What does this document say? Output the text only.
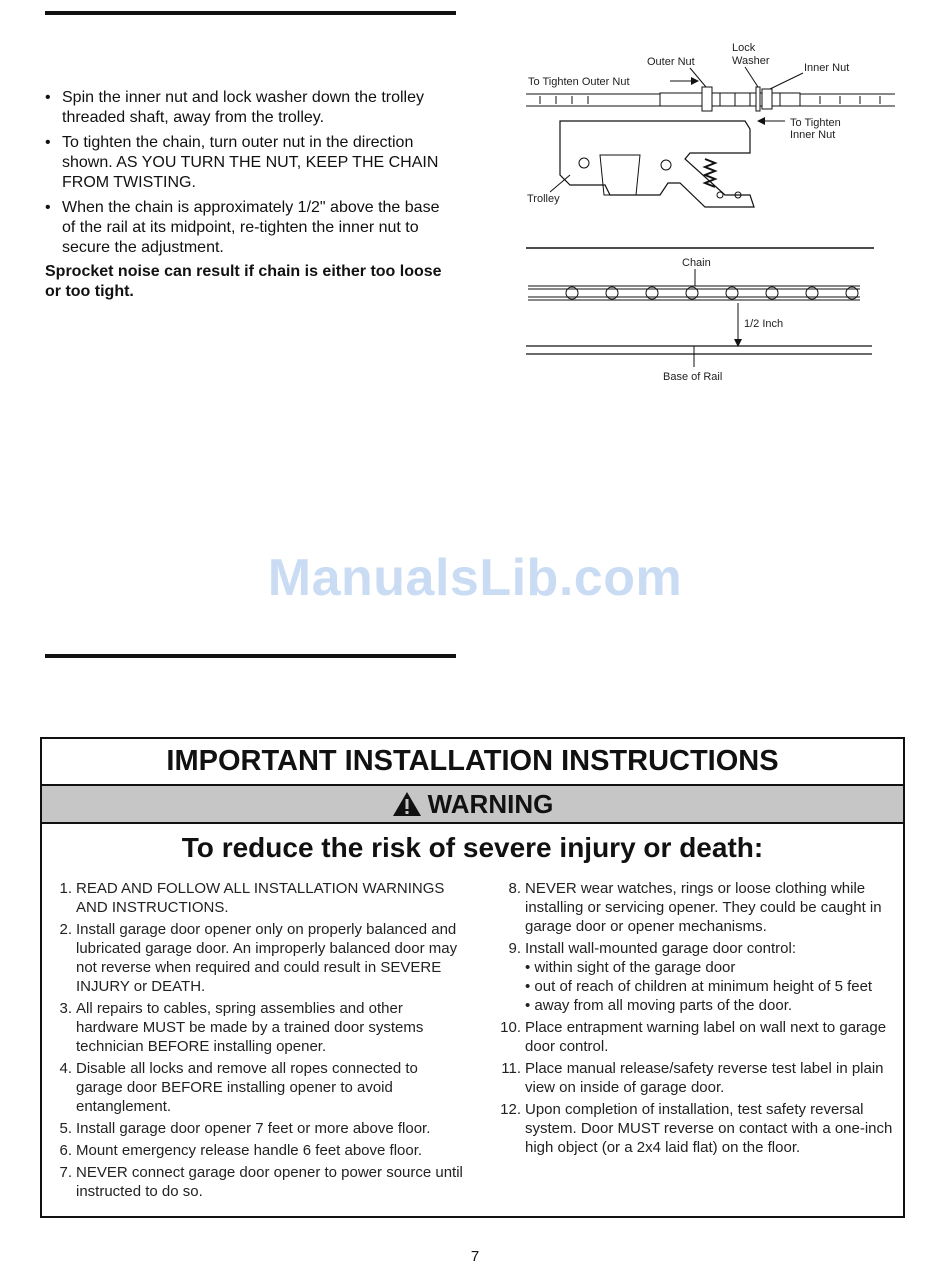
• Spin the inner nut and lock washer down the trolley threaded shaft, away from the trolley.
• To tighten the chain, turn outer nut in the direction shown. AS YOU TURN THE NUT, KEEP THE CHAIN FROM TWISTING.
• When the chain is approximately 1/2" above the base of the rail at its midpoint, re-tighten the inner nut to secure the adjustment.

Sprocket noise can result if chain is either too loose or too tight.

Outer Nut
Lock
Washer
Inner Nut
To Tighten Outer Nut
To Tighten
Inner Nut
Trolley
Chain
1/2 Inch
Base of Rail
ManualsLib.com
IMPORTANT INSTALLATION INSTRUCTIONS
WARNING
To reduce the risk of severe injury or death:
1. READ AND FOLLOW ALL INSTALLATION WARNINGS AND INSTRUCTIONS.
2. Install garage door opener only on properly balanced and lubricated garage door. An improperly balanced door may not reverse when required and could result in SEVERE INJURY or DEATH.
3. All repairs to cables, spring assemblies and other hardware MUST be made by a trained door systems technician BEFORE installing opener.
4. Disable all locks and remove all ropes connected to garage door BEFORE installing opener to avoid entanglement.
5. Install garage door opener 7 feet or more above floor.
6. Mount emergency release handle 6 feet above floor.
7. NEVER connect garage door opener to power source until instructed to do so.
8. NEVER wear watches, rings or loose clothing while installing or servicing opener. They could be caught in garage door or opener mechanisms.
9. Install wall-mounted garage door control:
• within sight of the garage door
• out of reach of children at minimum height of 5 feet
• away from all moving parts of the door.
10. Place entrapment warning label on wall next to garage door control.
11. Place manual release/safety reverse test label in plain view on inside of garage door.
12. Upon completion of installation, test safety reversal system. Door MUST reverse on contact with a one-inch high object (or a 2x4 laid flat) on the floor.
7
